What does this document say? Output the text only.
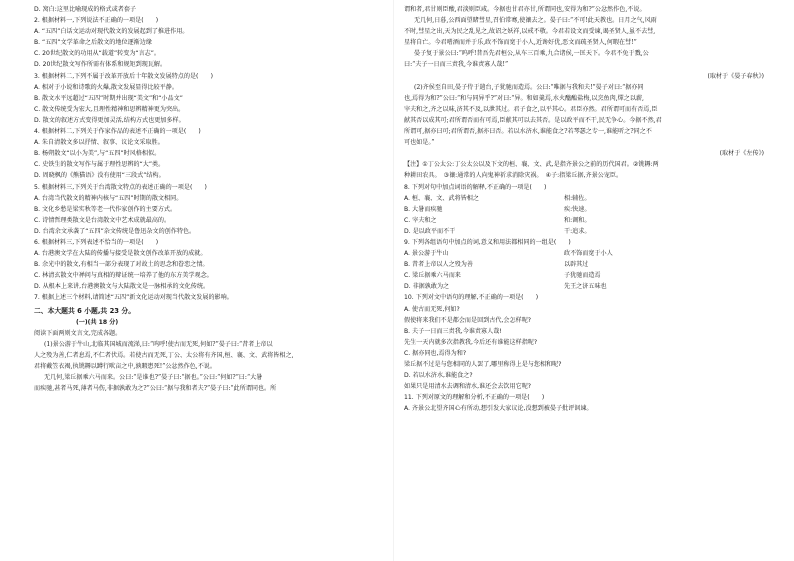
D. 窝白:这里比喻现成的格式或者套子

2. 根据材料一,下列说法不正确的一项是(　　)

A. “五四”白话文运动对现代散文的发展起到了推进作用。

B. “五四”文学革命之后散文的地位逐渐边缘

C. 20世纪散文的功用从“载道”转变为“言志”。

D. 20世纪散文写作所需有体系和规矩到现瓦解。

3. 根据材料二,下列不属于改革开放后十年散文发展特点的是(　　)

A. 相对于小说和诗歌的火爆,散文发展显得比较平静。

B. 散文水平远超过“五四”时期并出现“美文”和“小品文”

C. 散文传统受为宏大,且理性精神和思辨精神更为突出。

D. 散文的叙述方式变得更加灵活,结构方式也更加多样。

4. 根据材料二,下列关于作家作品的表述不正确的一项是(　　)

A. 朱自清散文多以抒情、叙事、议论文采取胜。

B. 杨朔散文“以小为美”,与“五四”时风格相似。

C. 史铁生的散文写作与属于理性思辨的“大”类。

D. 周晓枫的《熊猫语》没有使用“三段式”结构。

5. 根据材料三,下列关于台湾散文特点的表述正确的一项是(　　)

A. 台湾当代散文的精神内核与“五四”时期的散文相同。

B. 文化乡愁是梁实秋等老一代作家创作的主要方式。

C. 诗情哲理类散文是台湾散文中艺术成就最高的。

D. 台湾余文承袭了“五四”杂文传统是鲁迅杂文的创作特色。

6. 根据材料三,下列表述不恰当的一项是(　　)

A. 台港澳文学在大陆的传播与接受是散文创作改革开放的成就。

B. 余光中的散文,有相当一部分表现了对故土的思念和眷恋之情。

C. 林清玄散文中禅问与真相的辩证统一培养了他的东方美学观念。

D. 从根本上来讲,台港澳散文与大陆散文是一脉相承的文化传统。

7. 根据上述三个材料,请简述“五四”新文化运动对现当代散文发展的影响。

二、本大题共 6 小题,共 23 分。

(一)(共 18 分)

阅读下面两则文言文,完成各题。

(1)景公游于牛山,北临其国城而流涕,曰:“呜呼!使古而无死,何如?”晏子曰:“昔者上帝以

人之殁为善,仁者息焉,不仁者伏焉。若使古而无死,丁公、太公将有齐国,桓、襄、文、武将皆相之,

君将戴笠衣褐,执铫耨以蹲行畎亩之中,孰暇患死!”公忿然作色,不说。

无几何,梁丘据乘六马而来。公曰:“是谁也?”晏子曰:“据也。”公曰:“何如?”曰:“大暑

而疾驰,甚者马死,薄者马伤,非据孰敢为之?”公曰:“据与我和者夫?”晏子曰:“此所谓同也。所

谓和者,君甘则臣酸,君淡则臣咸。今据也甘君亦甘,所谓同也,安得为和?”公忿然作色,不说。

无几何,日暮,公西面望睹彗星,召伯常骞,使禳去之。晏子曰:“不可!此天教也。日月之气,风雨

不时,彗星之出,天为民之乱见之,故诏之妖祥,以戒不敬。今君若设文而受谏,谒圣贤人,虽不去彗,

星将自亡。今君嗜酒而并于乐,政不饰而宽于小人,近谗好优,恶文而疏圣贤人,何暇在彗!”

晏子复于景公曰:“呜呼!昔吾先君桓公,从车三百乘,九合诸侯,一匡天下。今君不免于戮,公

曰:“夫子一日而三责我,今谁责寡人哉!”

(取材于《晏子春秋》)

(2)齐侯至自田,晏子侍于遄台,子犹驰而造焉。公曰:“唯据与我和夫!”晏子对曰:“据亦同

也,焉得为和?”公曰:“和与同异乎?”对曰:“异。和如羹焉,水火醯醢盐梅,以烹鱼肉,燀之以薪,

宰夫和之,齐之以味,济其不及,以泄其过。君子食之,以平其心。君臣亦然。君所谓可而有否焉,臣

献其否以成其可;君所谓否而有可焉,臣献其可以去其否。是以政平而不干,民无争心。今据不然,君

所谓可,据亦曰可;君所谓否,据亦曰否。若以水济水,谁能食之?若琴瑟之专一,谁能听之?同之不

可也如是。”

(取材于《左传》)

【注】①丁公太公:丁公太公以及下文的桓、襄、文、武,是指齐景公之前的历代国君。②铫耨:两

种耕田农具。　③禳:通常的人向鬼神祈求消除灾祸。　④子:指梁丘据,齐景公宠臣。

8. 下列对句中加点词语的解释,不正确的一项是(　　)

A. 桓、襄、文、武将皆相之	相:辅佐。

B. 大暑而疾驰	疾:快速。

C. 宰夫和之	和:调和。

D. 是以政平而不干	干:追求。

9. 下列各组语句中加点的词,意义和用法都相同的一组是(　　)

A. 景公游于牛山	政不饰而宽于小人

B. 昔者上帝以人之殁为善	以辟其过

C. 梁丘据乘六马而来	子犹驰而造焉

D. 非据孰敢为之	先王之济五味也

10. 下列对文中语句的理解,不正确的一项是(　　)

A. 使古而无死,何如?

假使将来我们不是都会而是回到古代,会怎样呢?

B. 夫子一日而三责我,今谁责寡人哉!

先生一天内就多次指教我,今后还有谁能这样指呢?

C. 据亦同也,焉得为和?

梁丘据不过是与您相同的人罢了,哪里称得上是与您相和呢?

D. 若以水济水,谁能食之?

如果只是用清水去调和清水,谁还会去饮用它呢?

11. 下列对原文的理解和分析,不正确的一项是(　　)

A. 齐景公北望齐国心有所动,想引发大家议论,没想到被晏子批评讽谏。
